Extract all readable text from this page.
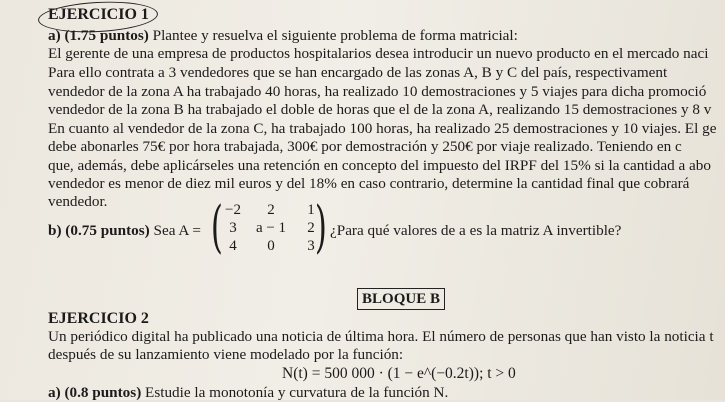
EJERCICIO 1
a) (1.75 puntos) Plantee y resuelva el siguiente problema de forma matricial:
El gerente de una empresa de productos hospitalarios desea introducir un nuevo producto en el mercado naci
Para ello contrata a 3 vendedores que se han encargado de las zonas A, B y C del país, respectivament
vendedor de la zona A ha trabajado 40 horas, ha realizado 10 demostraciones y 5 viajes para dicha promoció
vendedor de la zona B ha trabajado el doble de horas que el de la zona A, realizando 15 demostraciones y 8 v
En cuanto al vendedor de la zona C, ha trabajado 100 horas, ha realizado 25 demostraciones y 10 viajes. El ge
debe abonarles 75€ por hora trabajada, 300€ por demostración y 250€ por viaje realizado. Teniendo en c
que, además, debe aplicárseles una retención en concepto del impuesto del IRPF del 15% si la cantidad a abo
vendedor es menor de diez mil euros y del 18% en caso contrario, determine la cantidad final que cobrará
vendedor.
b) (0.75 puntos) Sea A = ( )
−2	2	1
3	a − 1	2
4	0	3
¿Para qué valores de a es la matriz A invertible?
BLOQUE B
EJERCICIO 2
Un periódico digital ha publicado una noticia de última hora. El número de personas que han visto la noticia t
después de su lanzamiento viene modelado por la función:
N(t) = 500 000 · (1 − e^(−0.2t)); t > 0
a) (0.8 puntos) Estudie la monotonía y curvatura de la función N.
